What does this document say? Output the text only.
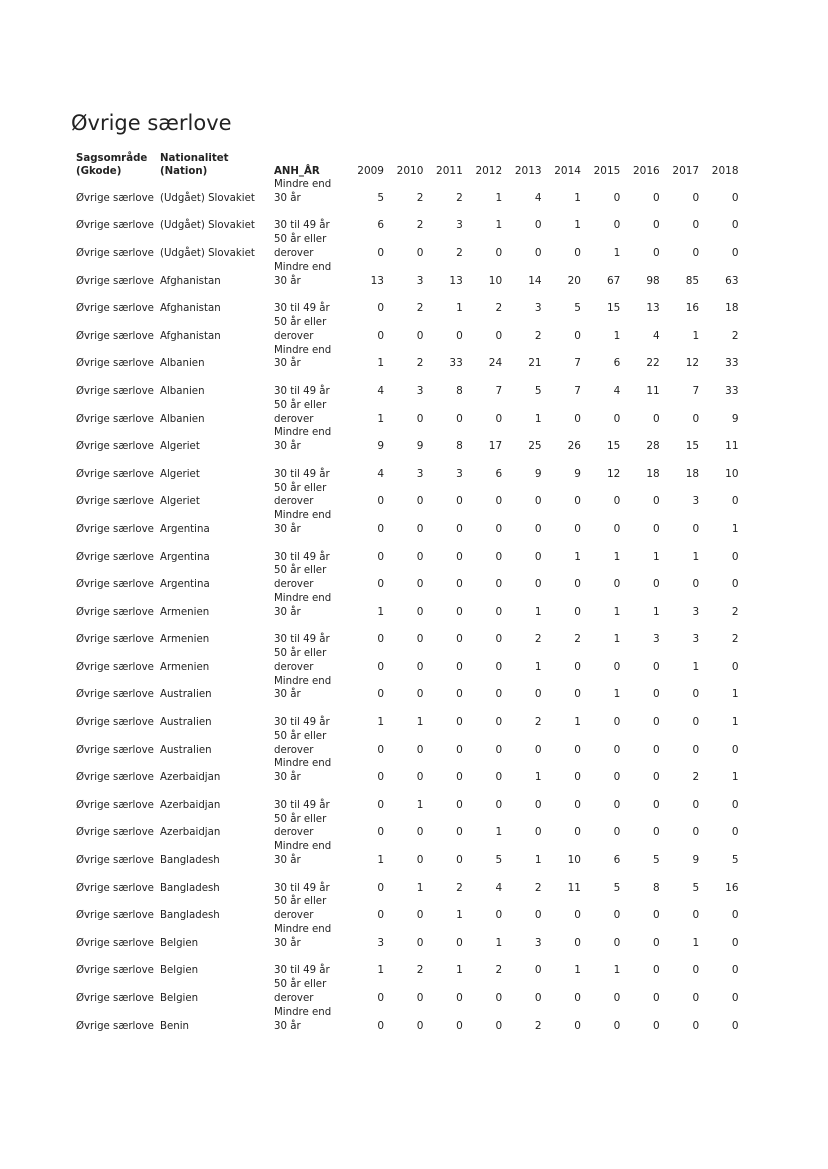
Øvrige særlove
Sagsområde (Gkode)	Nationalitet (Nation)	ANH_ÅR	2009	2010	2011	2012	2013	2014	2015	2016	2017	2018
Øvrige særlove	(Udgået) Slovakiet	Mindre end 30 år	5	2	2	1	4	1	0	0	0	0
Øvrige særlove	(Udgået) Slovakiet	30 til 49 år	6	2	3	1	0	1	0	0	0	0
Øvrige særlove	(Udgået) Slovakiet	50 år eller derover	0	0	2	0	0	0	1	0	0	0
Øvrige særlove	Afghanistan	Mindre end 30 år	13	3	13	10	14	20	67	98	85	63
Øvrige særlove	Afghanistan	30 til 49 år	0	2	1	2	3	5	15	13	16	18
Øvrige særlove	Afghanistan	50 år eller derover	0	0	0	0	2	0	1	4	1	2
Øvrige særlove	Albanien	Mindre end 30 år	1	2	33	24	21	7	6	22	12	33
Øvrige særlove	Albanien	30 til 49 år	4	3	8	7	5	7	4	11	7	33
Øvrige særlove	Albanien	50 år eller derover	1	0	0	0	1	0	0	0	0	9
Øvrige særlove	Algeriet	Mindre end 30 år	9	9	8	17	25	26	15	28	15	11
Øvrige særlove	Algeriet	30 til 49 år	4	3	3	6	9	9	12	18	18	10
Øvrige særlove	Algeriet	50 år eller derover	0	0	0	0	0	0	0	0	3	0
Øvrige særlove	Argentina	Mindre end 30 år	0	0	0	0	0	0	0	0	0	1
Øvrige særlove	Argentina	30 til 49 år	0	0	0	0	0	1	1	1	1	0
Øvrige særlove	Argentina	50 år eller derover	0	0	0	0	0	0	0	0	0	0
Øvrige særlove	Armenien	Mindre end 30 år	1	0	0	0	1	0	1	1	3	2
Øvrige særlove	Armenien	30 til 49 år	0	0	0	0	2	2	1	3	3	2
Øvrige særlove	Armenien	50 år eller derover	0	0	0	0	1	0	0	0	1	0
Øvrige særlove	Australien	Mindre end 30 år	0	0	0	0	0	0	1	0	0	1
Øvrige særlove	Australien	30 til 49 år	1	1	0	0	2	1	0	0	0	1
Øvrige særlove	Australien	50 år eller derover	0	0	0	0	0	0	0	0	0	0
Øvrige særlove	Azerbaidjan	Mindre end 30 år	0	0	0	0	1	0	0	0	2	1
Øvrige særlove	Azerbaidjan	30 til 49 år	0	1	0	0	0	0	0	0	0	0
Øvrige særlove	Azerbaidjan	50 år eller derover	0	0	0	1	0	0	0	0	0	0
Øvrige særlove	Bangladesh	Mindre end 30 år	1	0	0	5	1	10	6	5	9	5
Øvrige særlove	Bangladesh	30 til 49 år	0	1	2	4	2	11	5	8	5	16
Øvrige særlove	Bangladesh	50 år eller derover	0	0	1	0	0	0	0	0	0	0
Øvrige særlove	Belgien	Mindre end 30 år	3	0	0	1	3	0	0	0	1	0
Øvrige særlove	Belgien	30 til 49 år	1	2	1	2	0	1	1	0	0	0
Øvrige særlove	Belgien	50 år eller derover	0	0	0	0	0	0	0	0	0	0
Øvrige særlove	Benin	Mindre end 30 år	0	0	0	0	2	0	0	0	0	0
